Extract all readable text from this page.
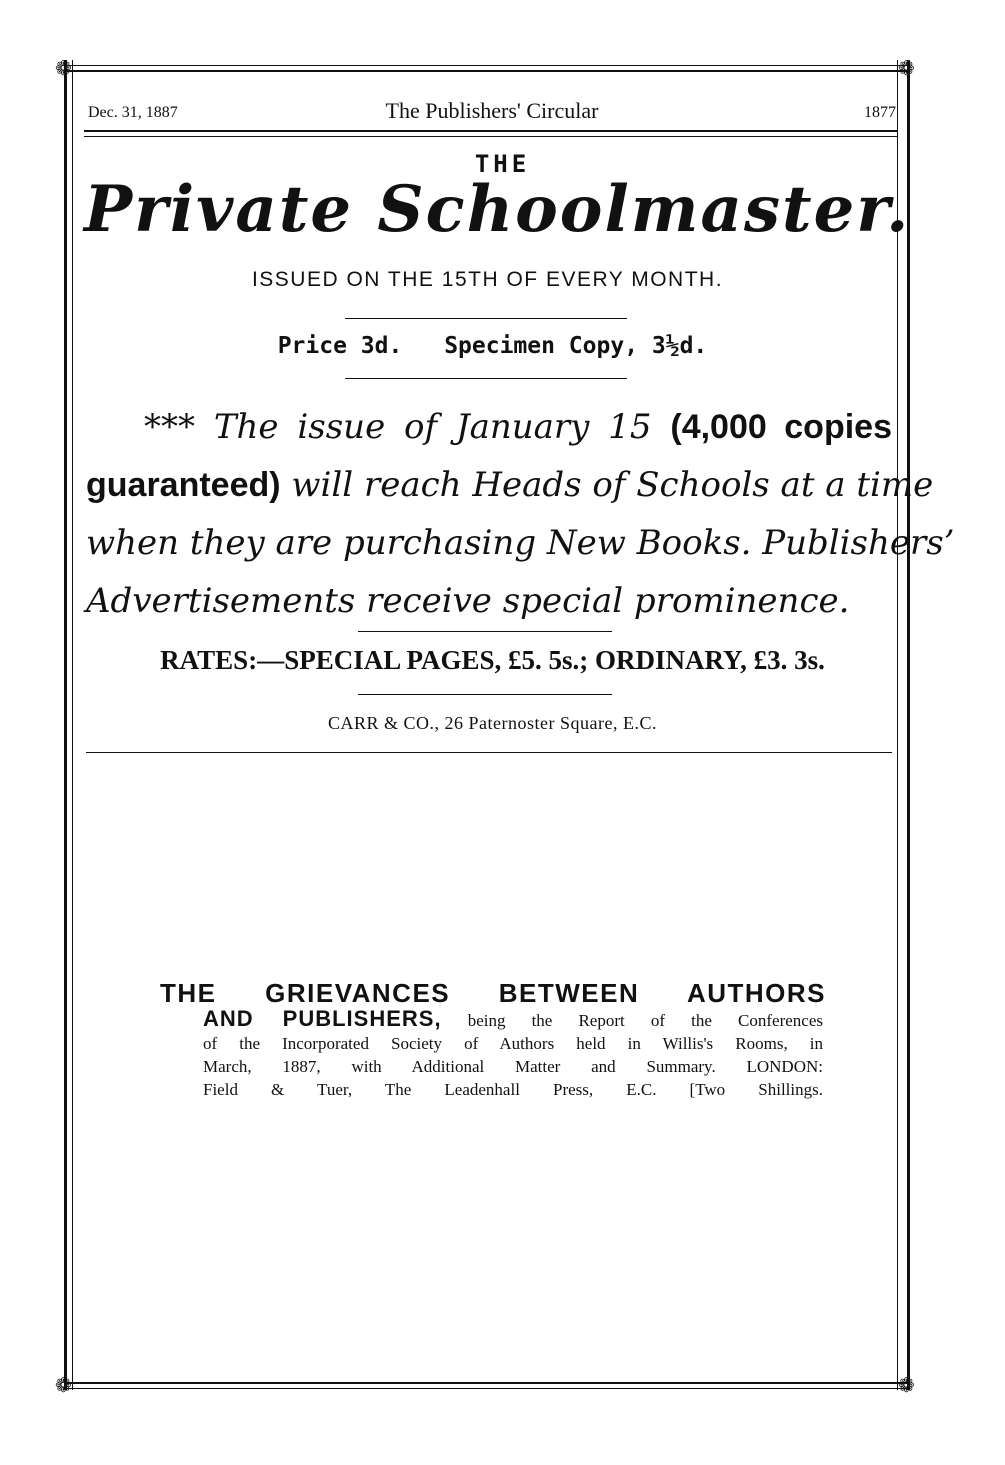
❁	❁
❁	❁
Dec. 31, 1887	The Publishers' Circular	1877
THE
Private Schoolmaster.
ISSUED ON THE 15TH OF EVERY MONTH.
Price 3d. Specimen Copy, 3½d.
*** The issue of January 15 (4,000 copies
guaranteed) will reach Heads of Schools at a time
when they are purchasing New Books. Publishers’
Advertisements receive special prominence.
RATES:—SPECIAL PAGES, £5. 5s.; ORDINARY, £3. 3s.
CARR & CO., 26 Paternoster Square, E.C.
THE GRIEVANCES BETWEEN AUTHORS
AND PUBLISHERS, being the Report of the Conferences
of the Incorporated Society of Authors held in Willis's Rooms, in
March, 1887, with Additional Matter and Summary. LONDON:
Field & Tuer, The Leadenhall Press, E.C. [Two Shillings.
